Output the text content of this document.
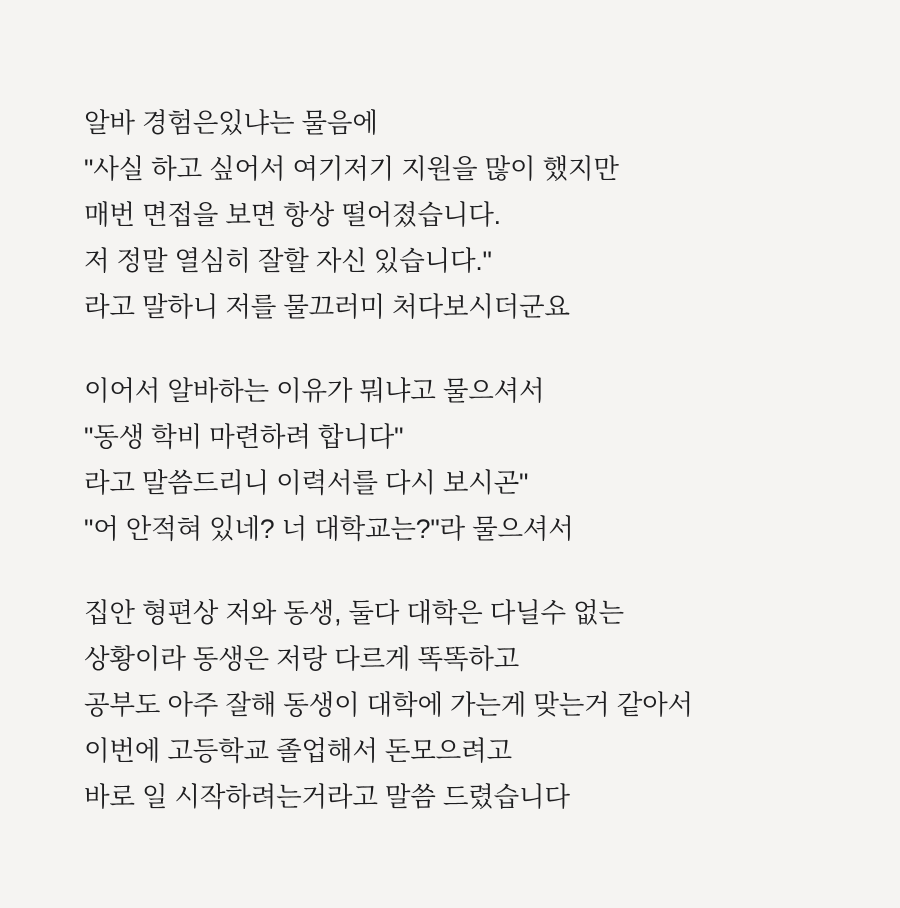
알바 경험은있냐는 물음에
"사실 하고 싶어서 여기저기 지원을 많이 했지만
매번 면접을 보면 항상 떨어졌습니다.
저 정말 열심히 잘할 자신 있습니다."
라고 말하니 저를 물끄러미 처다보시더군요
이어서 알바하는 이유가 뭐냐고 물으셔서
"동생 학비 마련하려 합니다"
라고 말씀드리니 이력서를 다시 보시곤"
"어 안적혀 있네? 너 대학교는?"라 물으셔서
집안 형편상 저와 동생, 둘다 대학은 다닐수 없는
상황이라 동생은 저랑 다르게 똑똑하고
공부도 아주 잘해 동생이 대학에 가는게 맞는거 같아서
이번에 고등학교 졸업해서 돈모으려고
바로 일 시작하려는거라고 말씀 드렸습니다
